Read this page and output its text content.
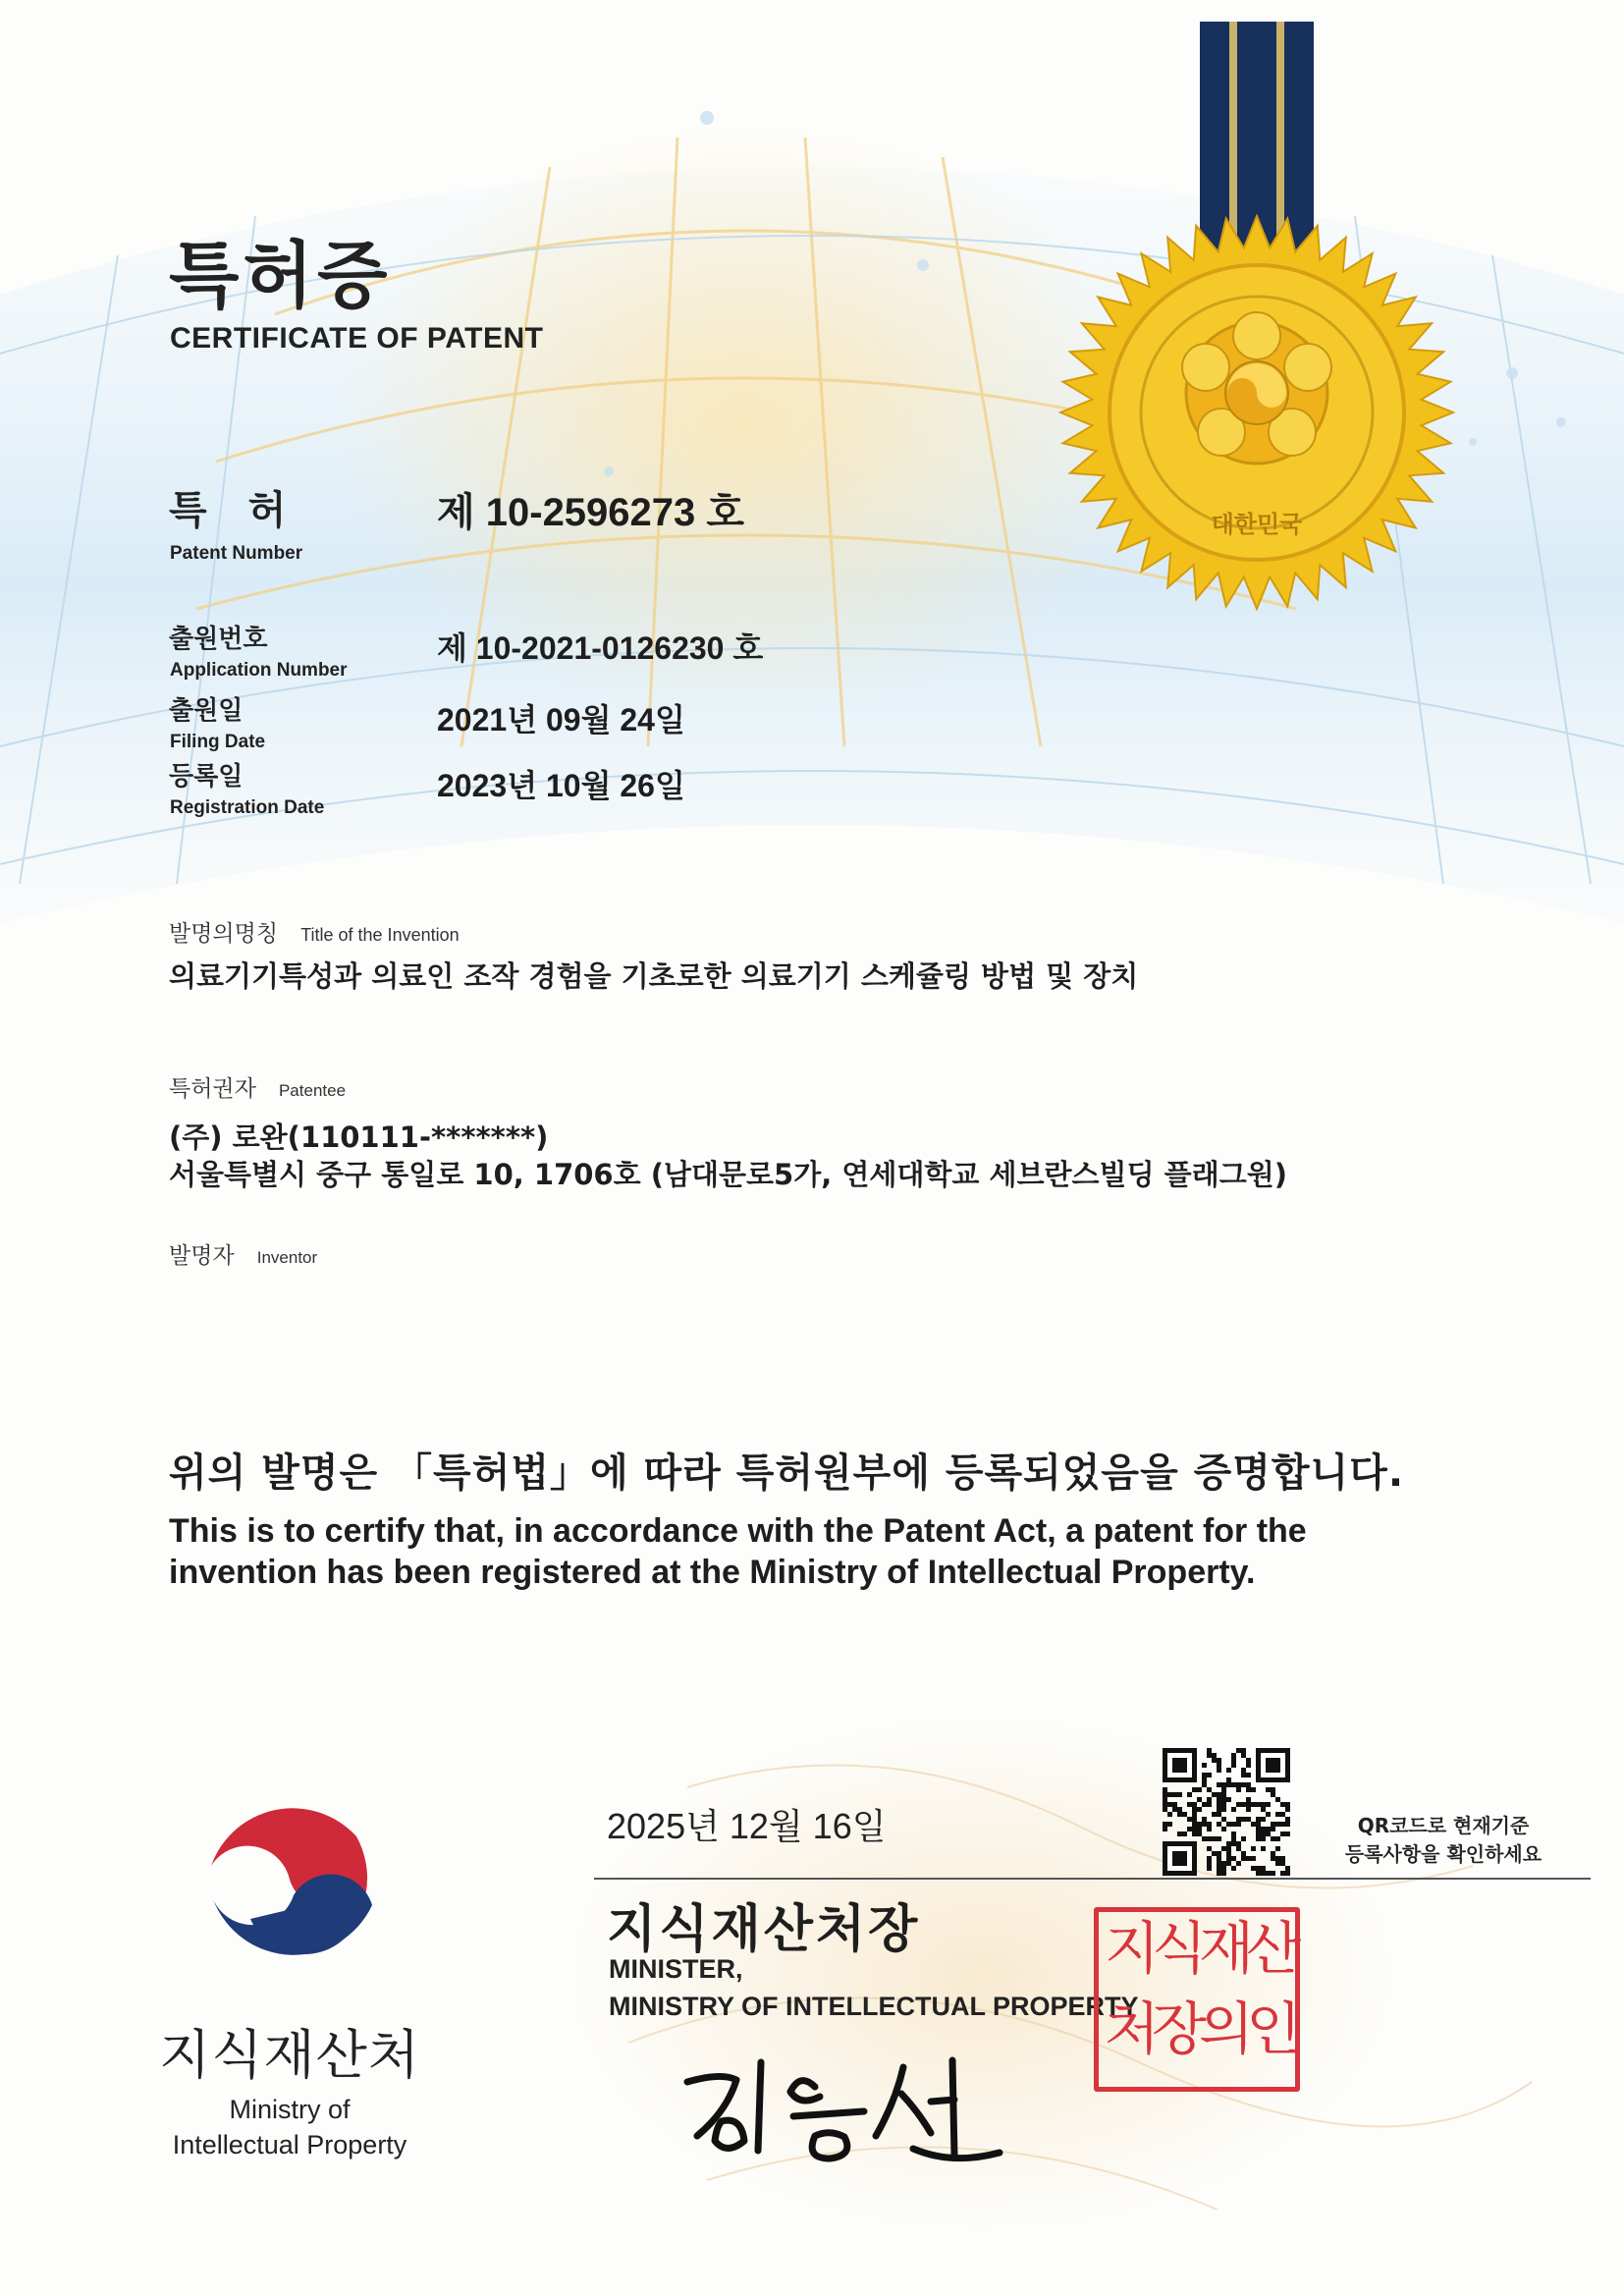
대한민국
특허증
CERTIFICATE OF PATENT
특 허
Patent Number
제 10-2596273 호
출원번호
Application Number
제 10-2021-0126230 호
출원일
Filing Date
2021년 09월 24일
등록일
Registration Date
2023년 10월 26일
발명의명칭 Title of the Invention
의료기기특성과 의료인 조작 경험을 기초로한 의료기기 스케쥴링 방법 및 장치
특허권자 Patentee
(주) 로완(110111-*******)
서울특별시 중구 통일로 10, 1706호 (남대문로5가, 연세대학교 세브란스빌딩 플래그원)
발명자 Inventor
위의 발명은 「특허법」에 따라 특허원부에 등록되었음을 증명합니다.
This is to certify that, in accordance with the Patent Act, a patent for the
invention has been registered at the Ministry of Intellectual Property.
2025년 12월 16일	QR코드로 현재기준
등록사항을 확인하세요
지식재산처장
MINISTER,
MINISTRY OF INTELLECTUAL PROPERTY
지식재산
처장의인
지식재산처
Ministry of
Intellectual Property
